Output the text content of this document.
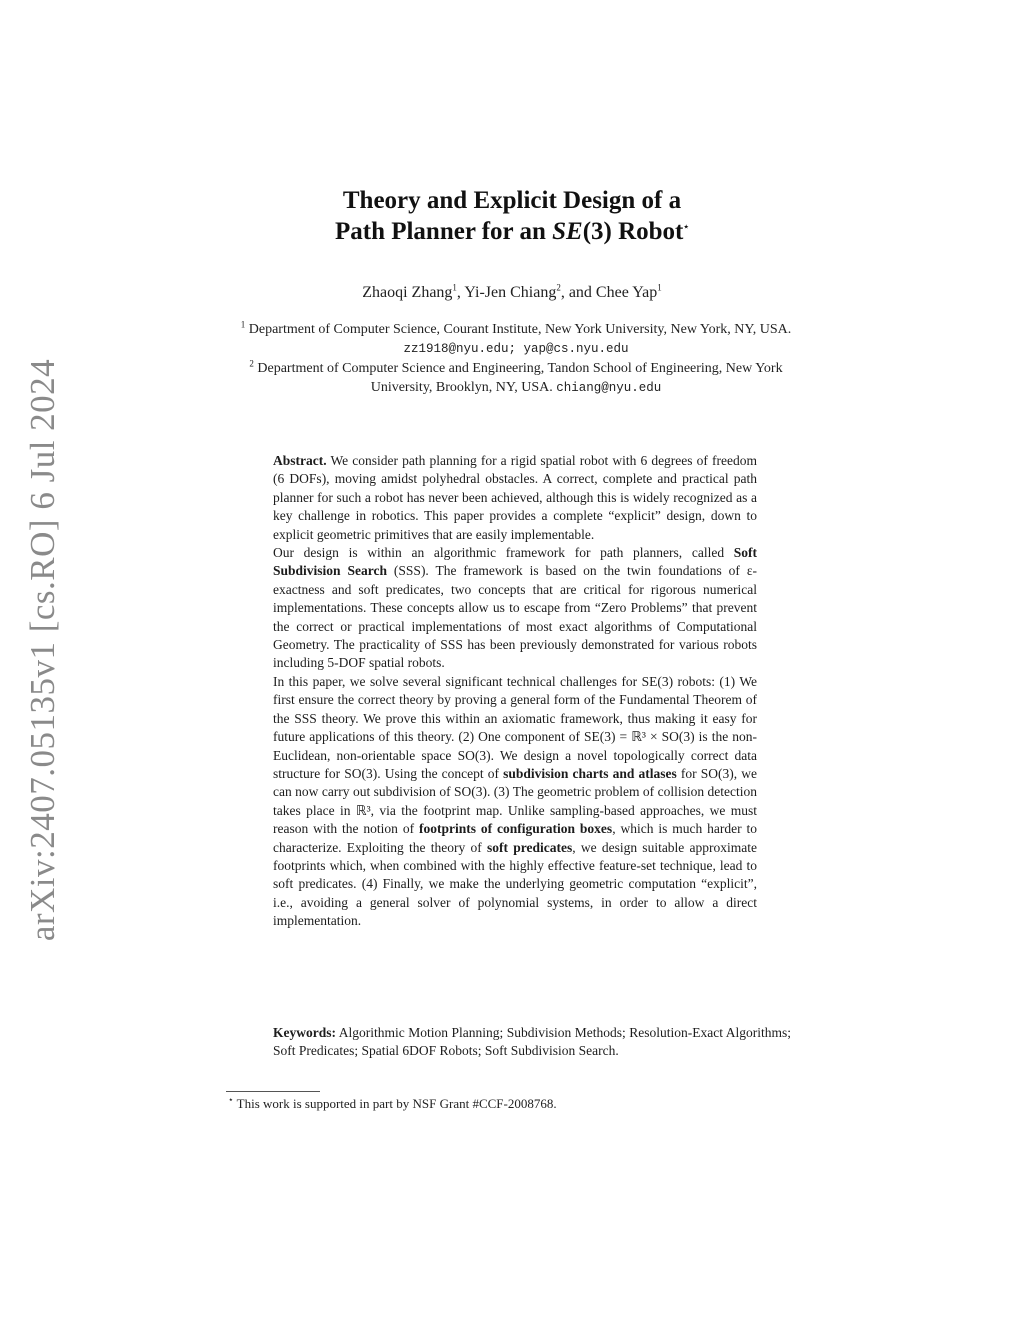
arXiv:2407.05135v1 [cs.RO] 6 Jul 2024
Theory and Explicit Design of a
Path Planner for an SE(3) Robot⋆
Zhaoqi Zhang$^1$, Yi-Jen Chiang$^2$, and Chee Yap$^1$
$^1$ Department of Computer Science, Courant Institute, New York University, New York, NY, USA. zz1918@nyu.edu; yap@cs.nyu.edu
$^2$ Department of Computer Science and Engineering, Tandon School of Engineering, New York University, Brooklyn, NY, USA. chiang@nyu.edu

Abstract. We consider path planning for a rigid spatial robot with 6 degrees of freedom (6 DOFs), moving amidst polyhedral obstacles. A correct, complete and practical path planner for such a robot has never been achieved, although this is widely recognized as a key challenge in robotics. This paper provides a complete “explicit” design, down to explicit geometric primitives that are easily implementable.

Our design is within an algorithmic framework for path planners, called Soft Subdivision Search (SSS). The framework is based on the twin foundations of ε-exactness and soft predicates, two concepts that are critical for rigorous numerical implementations. These concepts allow us to escape from “Zero Problems” that prevent the correct or practical implementations of most exact algorithms of Computational Geometry. The practicality of SSS has been previously demonstrated for various robots including 5-DOF spatial robots.

In this paper, we solve several significant technical challenges for SE(3) robots: (1) We first ensure the correct theory by proving a general form of the Fundamental Theorem of the SSS theory. We prove this within an axiomatic framework, thus making it easy for future applications of this theory. (2) One component of SE(3) = ℝ³ × SO(3) is the non-Euclidean, non-orientable space SO(3). We design a novel topologically correct data structure for SO(3). Using the concept of subdivision charts and atlases for SO(3), we can now carry out subdivision of SO(3). (3) The geometric problem of collision detection takes place in ℝ³, via the footprint map. Unlike sampling-based approaches, we must reason with the notion of footprints of configuration boxes, which is much harder to characterize. Exploiting the theory of soft predicates, we design suitable approximate footprints which, when combined with the highly effective feature-set technique, lead to soft predicates. (4) Finally, we make the underlying geometric computation “explicit”, i.e., avoiding a general solver of polynomial systems, in order to allow a direct implementation.

Keywords: Algorithmic Motion Planning; Subdivision Methods; Resolution-Exact Algorithms; Soft Predicates; Spatial 6DOF Robots; Soft Subdivision Search.
⋆ This work is supported in part by NSF Grant #CCF-2008768.
